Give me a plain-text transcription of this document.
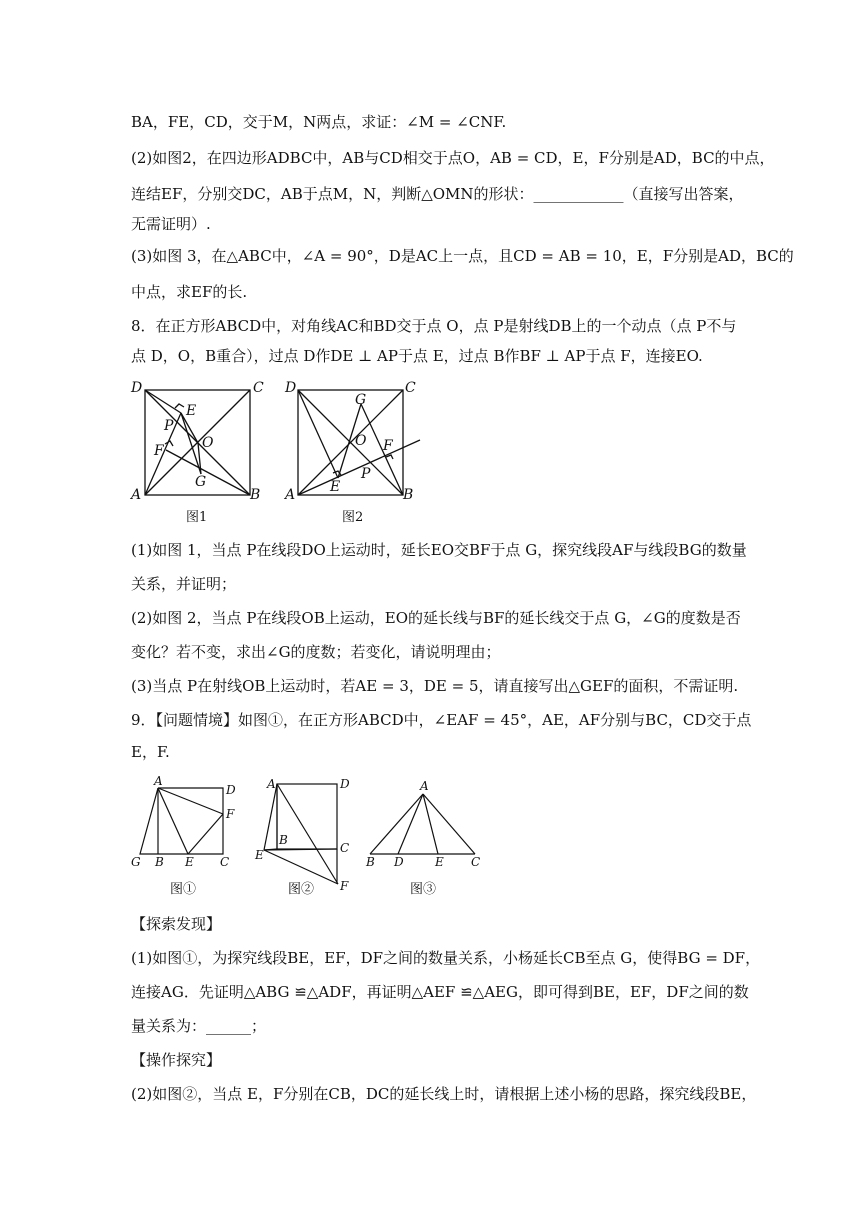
BA，FE，CD，交于M，N两点，求证：∠M = ∠CNF.
(2)如图2，在四边形ADBC中，AB与CD相交于点O，AB = CD，E，F分别是AD，BC的中点，
连结EF，分别交DC，AB于点M，N，判断△OMN的形状：____________（直接写出答案，
无需证明）.
(3)如图 3，在△ABC中，∠A = 90°，D是AC上一点，且CD = AB = 10，E，F分别是AD，BC的
中点，求EF的长.
8．在正方形ABCD中，对角线AC和BD交于点 O，点 P是射线DB上的一个动点（点 P不与
点 D，O，B重合），过点 D作DE ⊥ AP于点 E，过点 B作BF ⊥ AP于点 F，连接EO.
D	C
A	B
E
P
O
F
G
图1
D	C
A	B
G
O F
E
P
图2
(1)如图 1，当点 P在线段DO上运动时，延长EO交BF于点 G，探究线段AF与线段BG的数量
关系，并证明；
(2)如图 2，当点 P在线段OB上运动，EO的延长线与BF的延长线交于点 G，∠G的度数是否
变化？若不变，求出∠G的度数；若变化，请说明理由；
(3)当点 P在射线OB上运动时，若AE = 3，DE = 5，请直接写出△GEF的面积，不需证明.
9．【问题情境】如图①，在正方形ABCD中，∠EAF = 45°，AE，AF分别与BC，CD交于点
E，F.
A
D
F
G B E C
图①
A	D
B
E	C
F
图②
A
B D	E C
图③
【探索发现】
(1)如图①，为探究线段BE，EF，DF之间的数量关系，小杨延长CB至点 G，使得BG = DF，
连接AG．先证明△ABG ≌△ADF，再证明△AEF ≌△AEG，即可得到BE，EF，DF之间的数
量关系为：______；
【操作探究】
(2)如图②，当点 E，F分别在CB，DC的延长线上时，请根据上述小杨的思路，探究线段BE，
